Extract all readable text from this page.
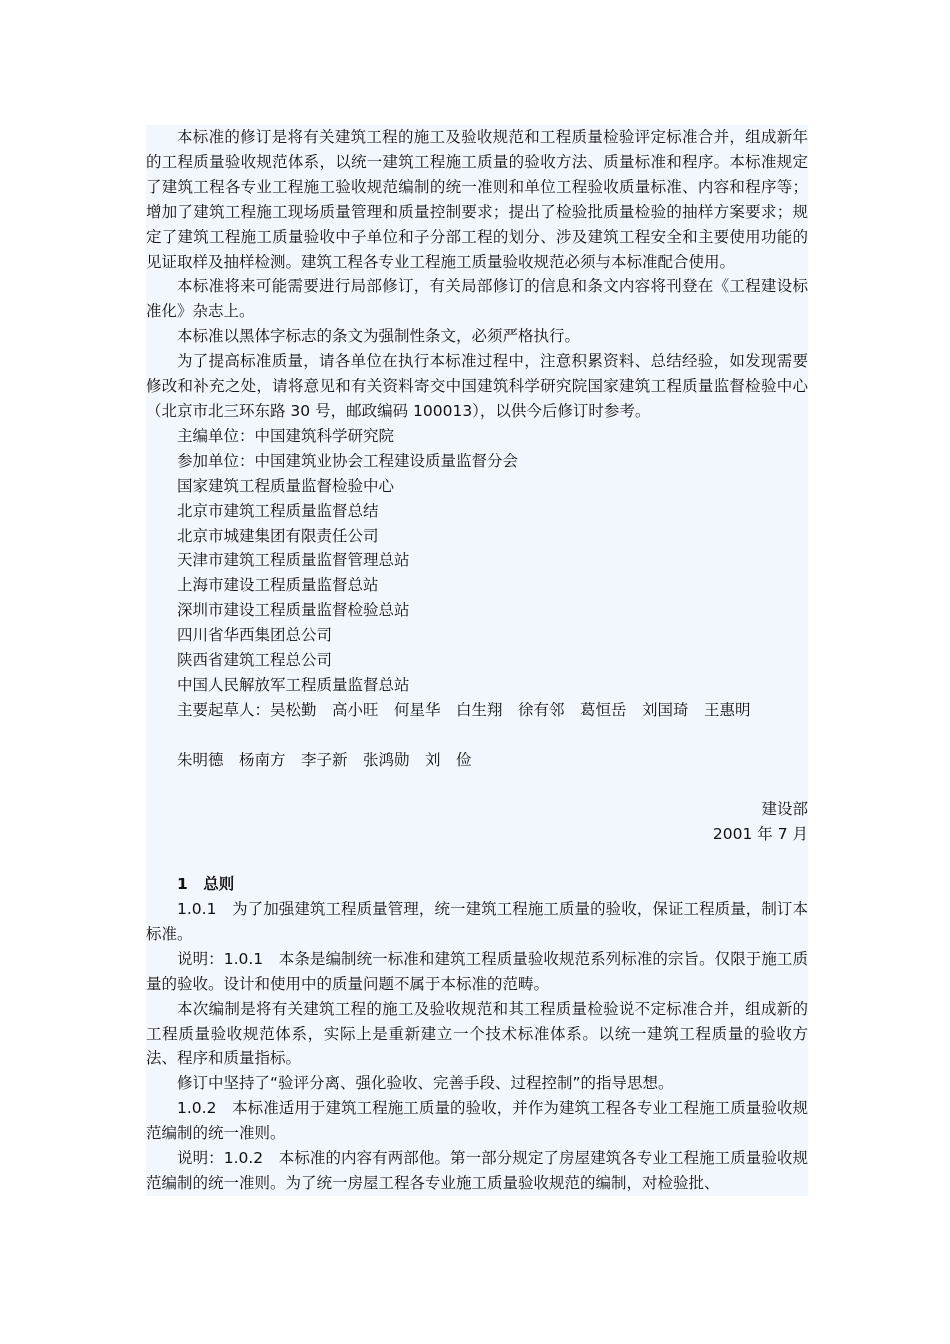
本标准的修订是将有关建筑工程的施工及验收规范和工程质量检验评定标准合并，组成新年的工程质量验收规范体系，以统一建筑工程施工质量的验收方法、质量标准和程序。本标准规定了建筑工程各专业工程施工验收规范编制的统一准则和单位工程验收质量标准、内容和程序等；增加了建筑工程施工现场质量管理和质量控制要求；提出了检验批质量检验的抽样方案要求；规定了建筑工程施工质量验收中子单位和子分部工程的划分、涉及建筑工程安全和主要使用功能的见证取样及抽样检测。建筑工程各专业工程施工质量验收规范必须与本标准配合使用。

本标准将来可能需要进行局部修订，有关局部修订的信息和条文内容将刊登在《工程建设标准化》杂志上。

本标准以黑体字标志的条文为强制性条文，必须严格执行。

为了提高标准质量，请各单位在执行本标准过程中，注意积累资料、总结经验，如发现需要修改和补充之处，请将意见和有关资料寄交中国建筑科学研究院国家建筑工程质量监督检验中心（北京市北三环东路 30 号，邮政编码 100013），以供今后修订时参考。

主编单位：中国建筑科学研究院

参加单位：中国建筑业协会工程建设质量监督分会

国家建筑工程质量监督检验中心

北京市建筑工程质量监督总结

北京市城建集团有限责任公司

天津市建筑工程质量监督管理总站

上海市建设工程质量监督总站

深圳市建设工程质量监督检验总站

四川省华西集团总公司

陕西省建筑工程总公司

中国人民解放军工程质量监督总站

主要起草人：吴松勤　高小旺　何星华　白生翔　徐有邻　葛恒岳　刘国琦　王惠明

朱明德　杨南方　李子新　张鸿勋　刘　俭

建设部

2001 年 7 月

1　总则

1.0.1　为了加强建筑工程质量管理，统一建筑工程施工质量的验收，保证工程质量，制订本标准。

说明：1.0.1　本条是编制统一标准和建筑工程质量验收规范系列标准的宗旨。仅限于施工质量的验收。设计和使用中的质量问题不属于本标准的范畴。

本次编制是将有关建筑工程的施工及验收规范和其工程质量检验说不定标准合并，组成新的工程质量验收规范体系，实际上是重新建立一个技术标准体系。以统一建筑工程质量的验收方法、程序和质量指标。

修订中坚持了“验评分离、强化验收、完善手段、过程控制”的指导思想。

1.0.2　本标准适用于建筑工程施工质量的验收，并作为建筑工程各专业工程施工质量验收规范编制的统一准则。

说明：1.0.2　本标准的内容有两部他。第一部分规定了房屋建筑各专业工程施工质量验收规范编制的统一准则。为了统一房屋工程各专业施工质量验收规范的编制，对检验批、
